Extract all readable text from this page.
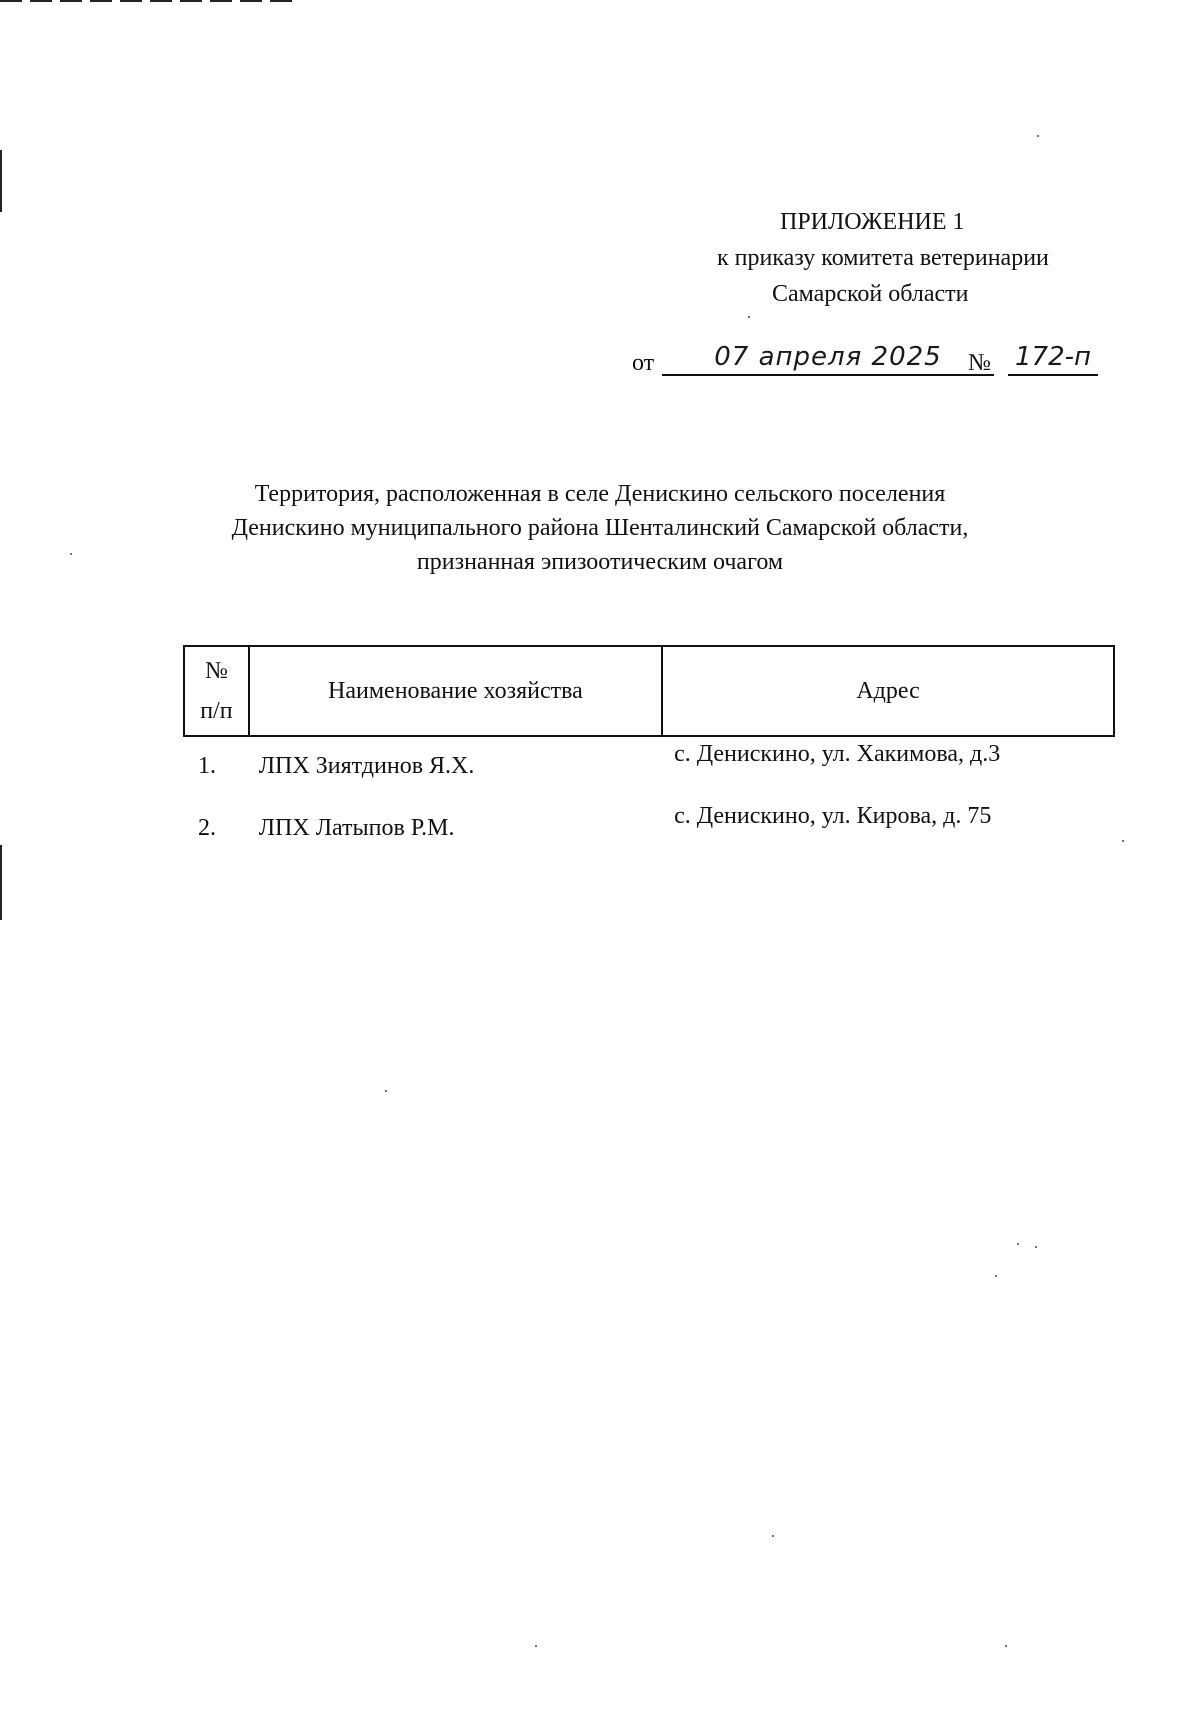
ПРИЛОЖЕНИЕ 1
к приказу комитета ветеринарии
Самарской области
от	07 апреля 2025	№ 172-п
Территория, расположенная в селе Денискино сельского поселения
Денискино муниципального района Шенталинский Самарской области,
признанная эпизоотическим очагом
№
п/п	Наименование хозяйства	Адрес
1.	ЛПХ Зиятдинов Я.Х.	с. Денискино, ул. Хакимова, д.3
2.	ЛПХ Латыпов Р.М.	с. Денискино, ул. Кирова, д. 75
